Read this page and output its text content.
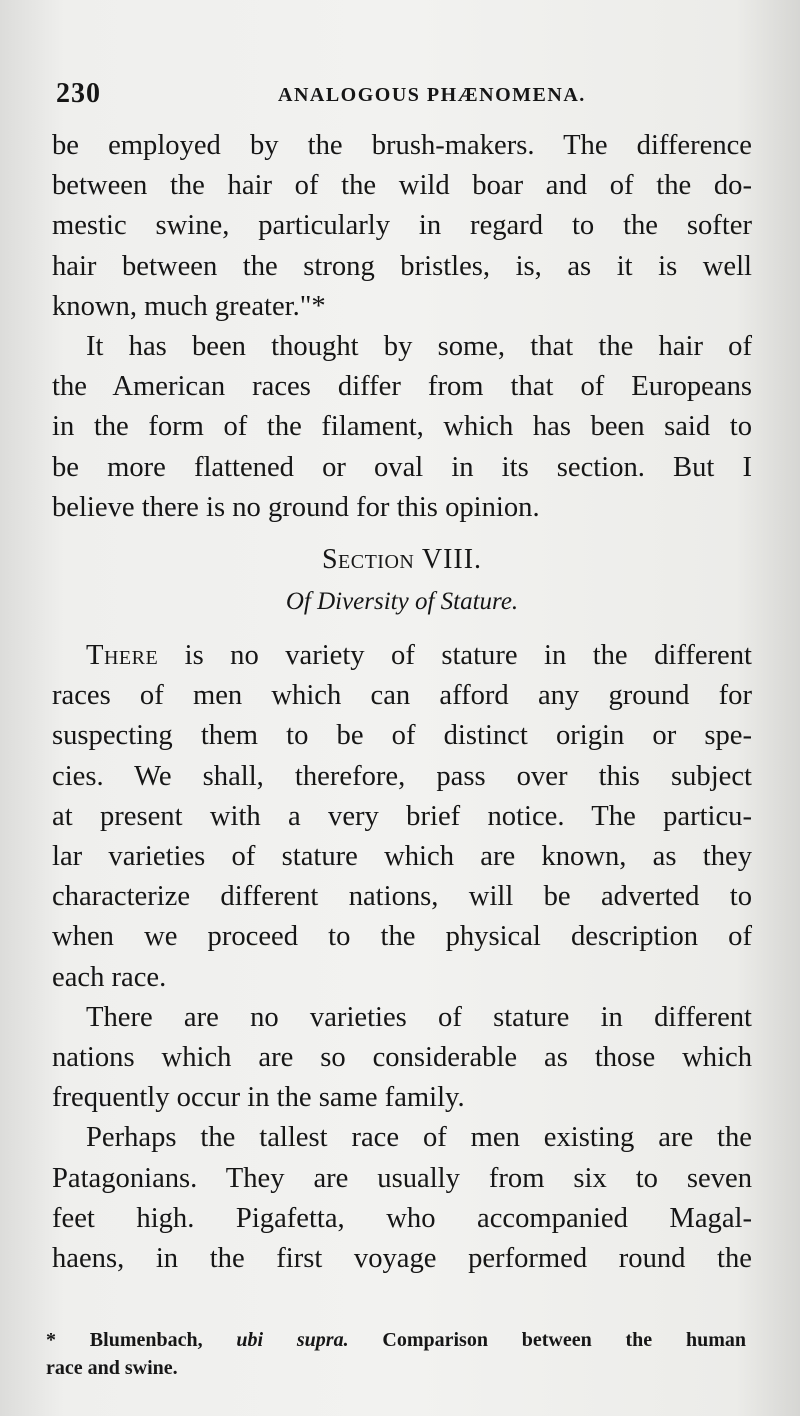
230	ANALOGOUS PHÆNOMENA.

be employed by the brush-makers. The difference
between the hair of the wild boar and of the do-
mestic swine, particularly in regard to the softer
hair between the strong bristles, is, as it is well
known, much greater."*

It has been thought by some, that the hair of
the American races differ from that of Europeans
in the form of the filament, which has been said to
be more flattened or oval in its section. But I
believe there is no ground for this opinion.

Section VIII.
Of Diversity of Stature.

There is no variety of stature in the different
races of men which can afford any ground for
suspecting them to be of distinct origin or spe-
cies. We shall, therefore, pass over this subject
at present with a very brief notice. The particu-
lar varieties of stature which are known, as they
characterize different nations, will be adverted to
when we proceed to the physical description of
each race.

There are no varieties of stature in different
nations which are so considerable as those which
frequently occur in the same family.

Perhaps the tallest race of men existing are the
Patagonians. They are usually from six to seven
feet high. Pigafetta, who accompanied Magal-
haens, in the first voyage performed round the

* Blumenbach, ubi supra. Comparison between the human
race and swine.
